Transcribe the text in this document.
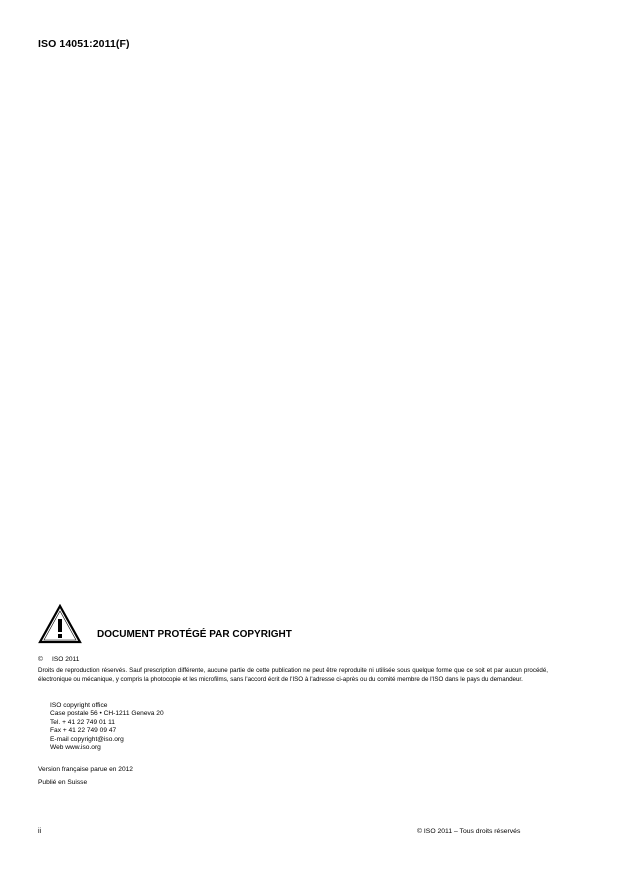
ISO 14051:2011(F)
DOCUMENT PROTÉGÉ PAR COPYRIGHT
© ISO 2011
Droits de reproduction réservés. Sauf prescription différente, aucune partie de cette publication ne peut être reproduite ni utilisée sous quelque forme que ce soit et par aucun procédé, électronique ou mécanique, y compris la photocopie et les microfilms, sans l'accord écrit de l'ISO à l'adresse ci-après ou du comité membre de l'ISO dans le pays du demandeur.
ISO copyright office
Case postale 56 • CH-1211 Geneva 20
Tel. + 41 22 749 01 11
Fax + 41 22 749 09 47
E-mail copyright@iso.org
Web www.iso.org
Version française parue en 2012
Publié en Suisse
ii	© ISO 2011 – Tous droits réservés
